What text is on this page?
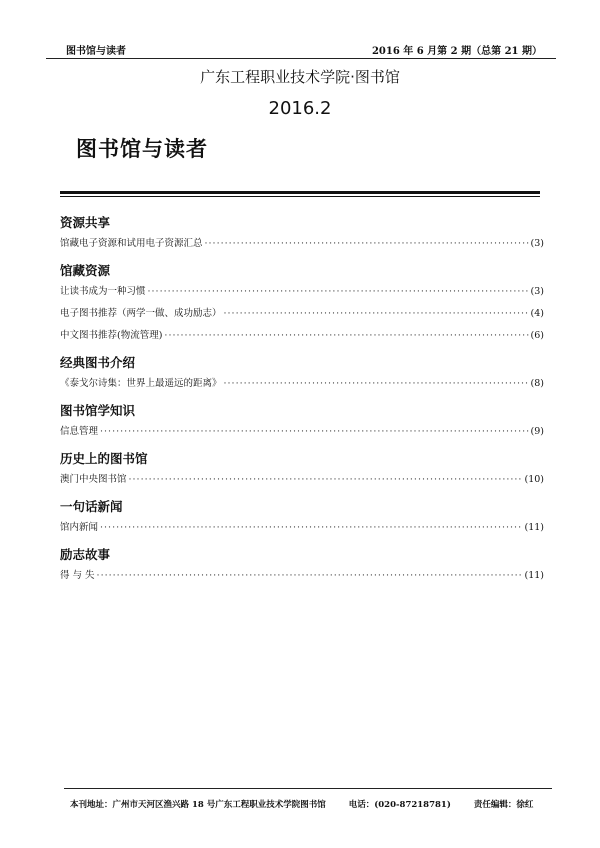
图书馆与读者	2016 年 6 月第 2 期（总第 21 期）
广东工程职业技术学院·图书馆
2016.2
图书馆与读者
资源共享
馆藏电子资源和试用电子资源汇总 ·····	(3)
馆藏资源
让读书成为一种习惯 ·····	(3)
电子图书推荐（两学一做、成功励志） ·····	(4)
中文图书推荐(物流管理) ·····	(6)
经典图书介绍
《泰戈尔诗集：世界上最遥远的距离》 ·····	(8)
图书馆学知识
信息管理 ·····	(9)
历史上的图书馆
澳门中央图书馆 ·····	(10)
一句话新闻
馆内新闻 ·····	(11)
励志故事
得 与 失 ·····	(11)
本刊地址：广州市天河区渔兴路 18 号广东工程职业技术学院图书馆	电话：(020-87218781)	责任编辑：徐红
